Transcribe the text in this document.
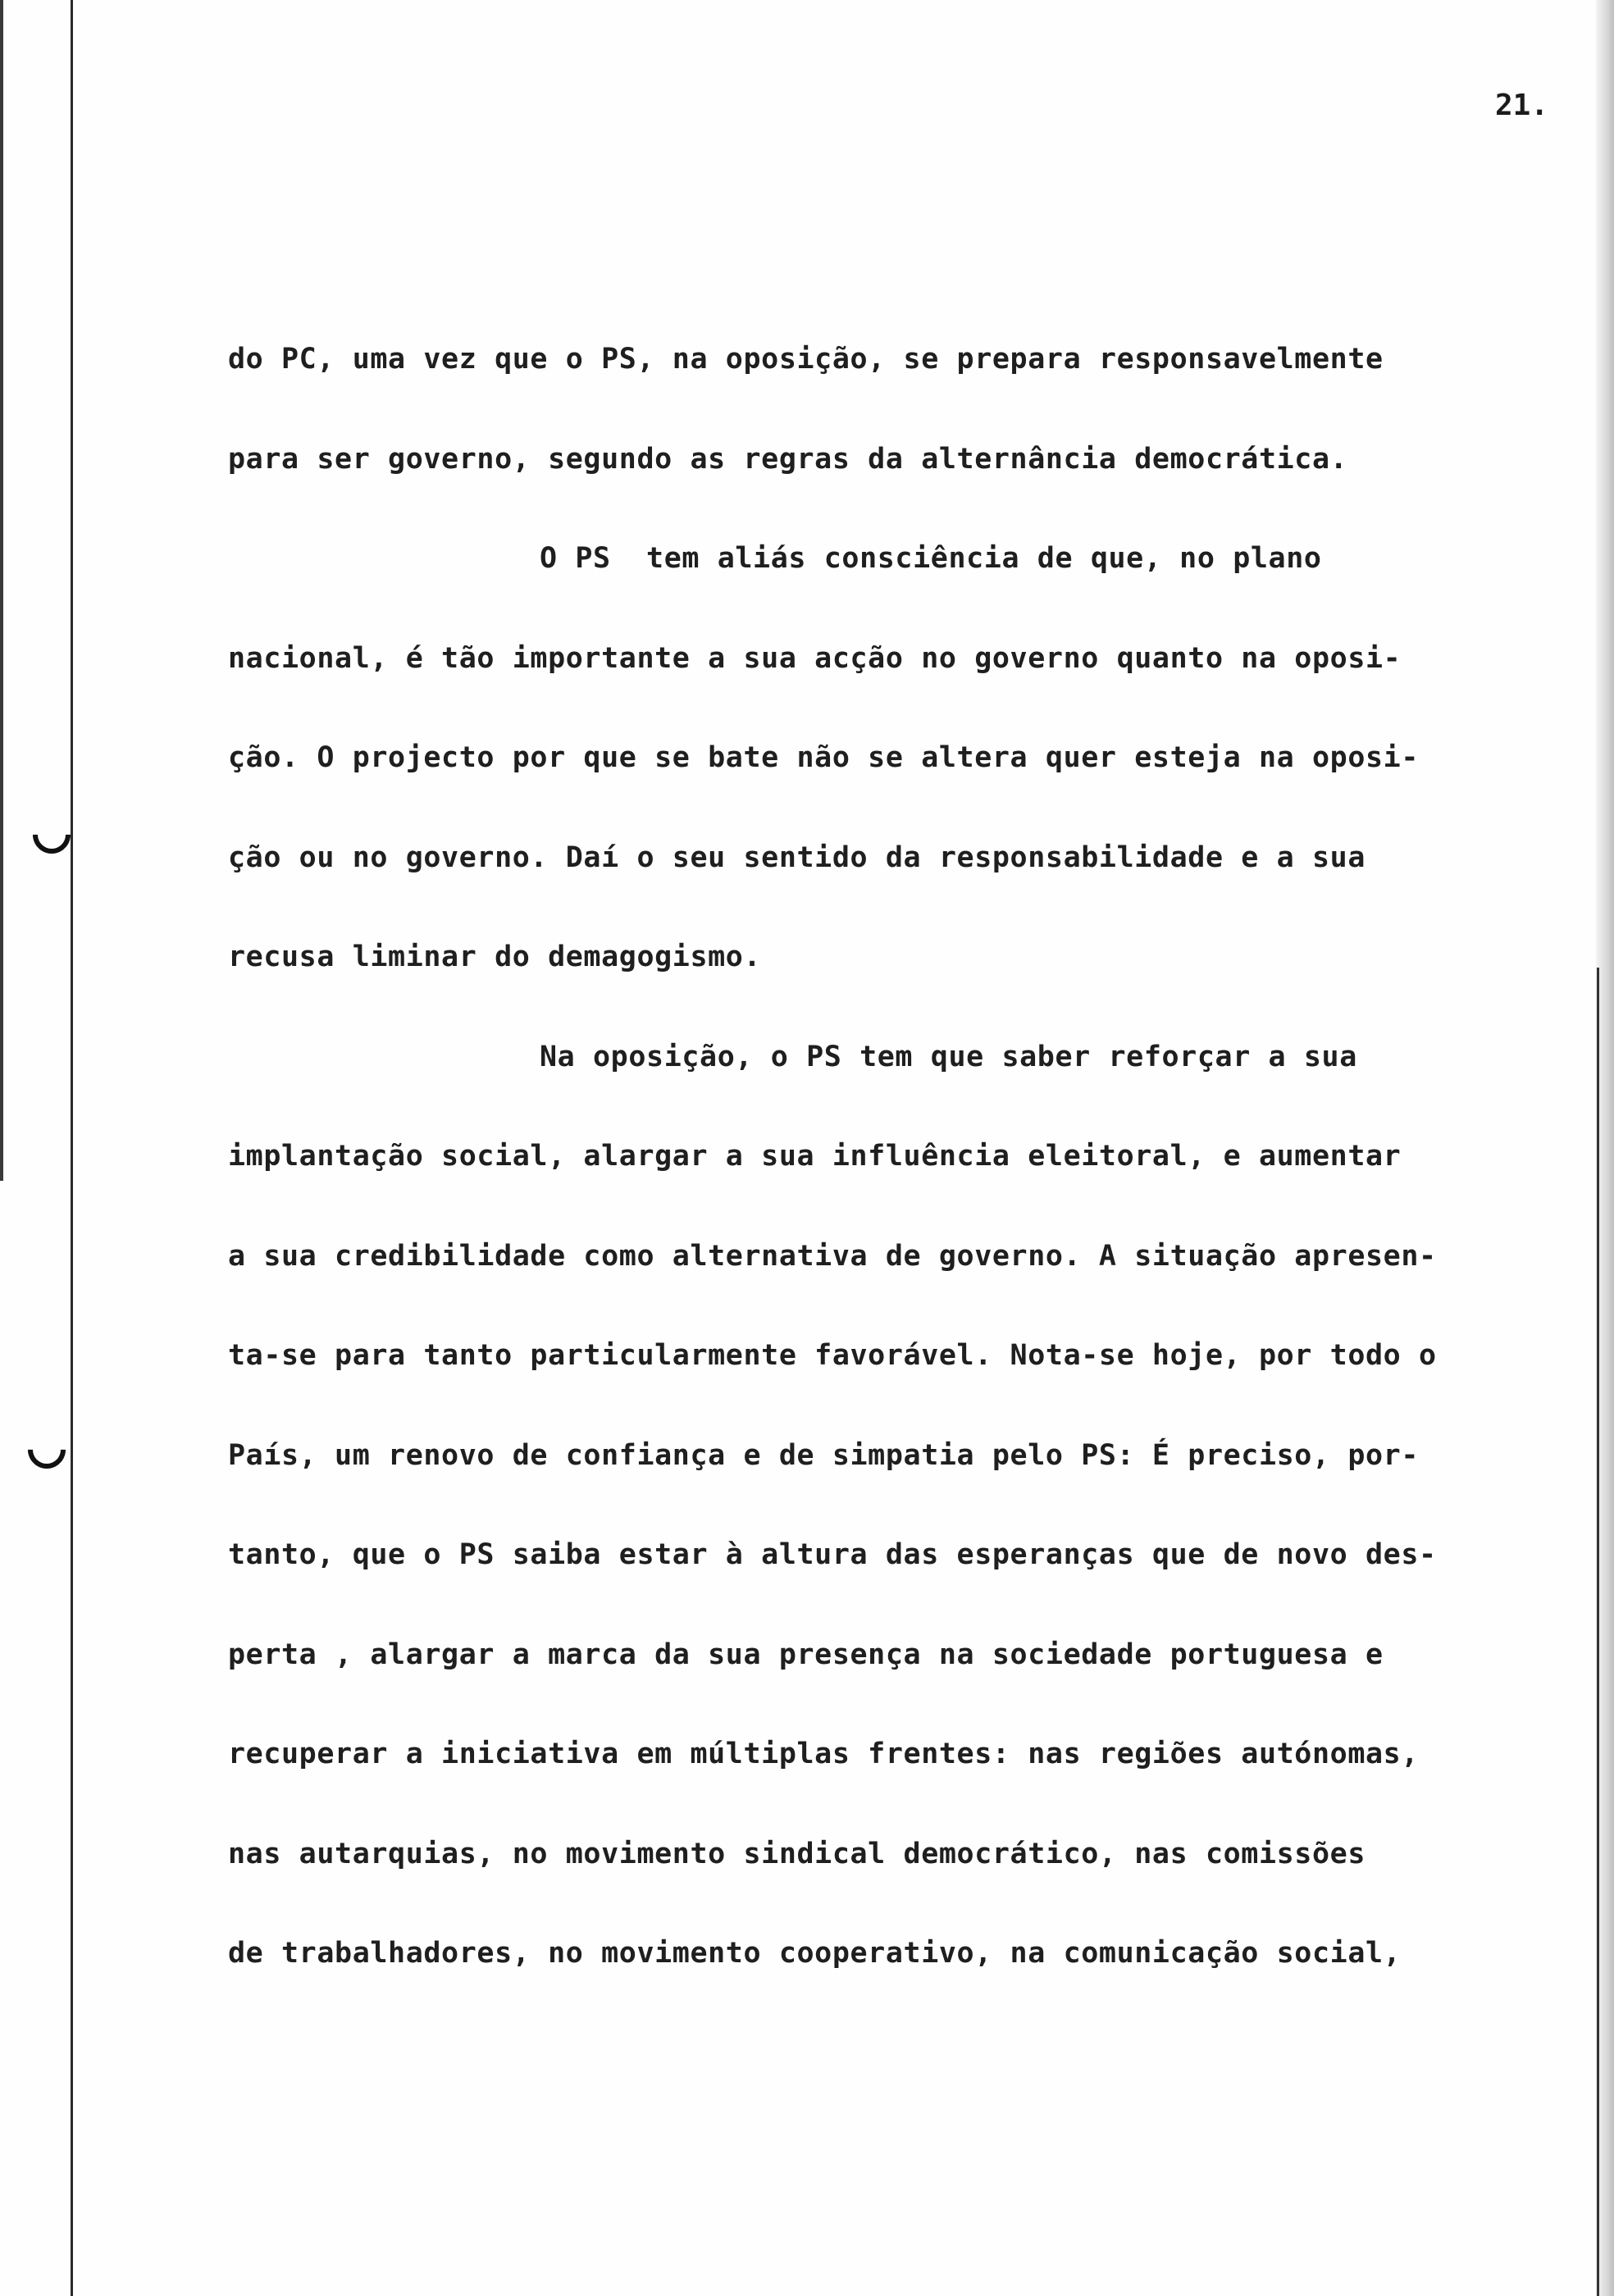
21.
do PC, uma vez que o PS, na oposição, se prepara responsavelmente
para ser governo, segundo as regras da alternância democrática.
O PS  tem aliás consciência de que, no plano
nacional, é tão importante a sua acção no governo quanto na oposi-
ção. O projecto por que se bate não se altera quer esteja na oposi-
ção ou no governo. Daí o seu sentido da responsabilidade e a sua
recusa liminar do demagogismo.
Na oposição, o PS tem que saber reforçar a sua
implantação social, alargar a sua influência eleitoral, e aumentar
a sua credibilidade como alternativa de governo. A situação apresen-
ta-se para tanto particularmente favorável. Nota-se hoje, por todo o
País, um renovo de confiança e de simpatia pelo PS: É preciso, por-
tanto, que o PS saiba estar à altura das esperanças que de novo des-
perta , alargar a marca da sua presença na sociedade portuguesa e
recuperar a iniciativa em múltiplas frentes: nas regiões autónomas,
nas autarquias, no movimento sindical democrático, nas comissões
de trabalhadores, no movimento cooperativo, na comunicação social,
